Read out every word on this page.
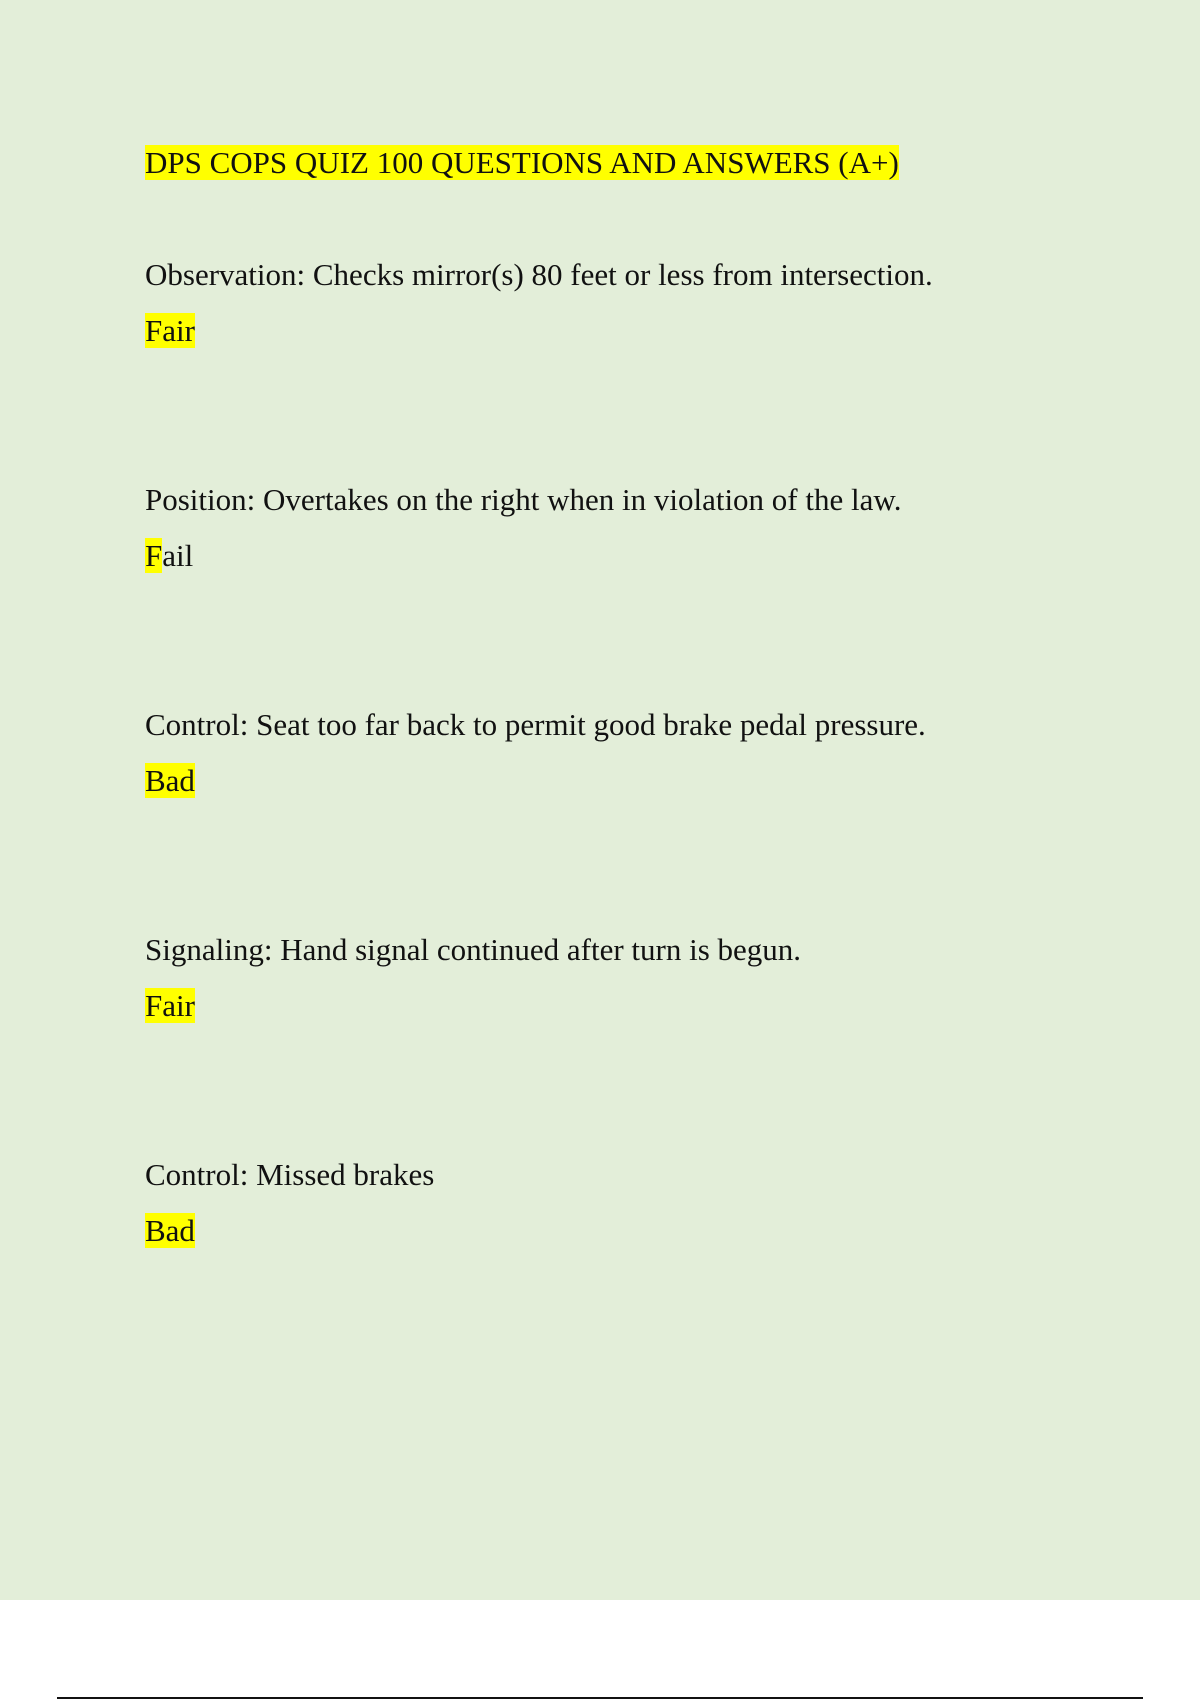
DPS COPS QUIZ 100 QUESTIONS AND ANSWERS (A+)

Observation: Checks mirror(s) 80 feet or less from intersection.

Fair

Position: Overtakes on the right when in violation of the law.

Fail

Control: Seat too far back to permit good brake pedal pressure.

Bad

Signaling: Hand signal continued after turn is begun.

Fair

Control: Missed brakes

Bad
